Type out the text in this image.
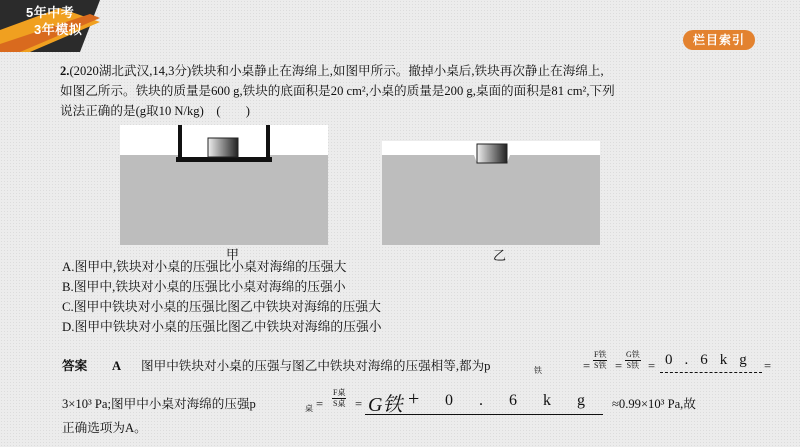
5年中考
3年模拟
栏目索引
2.(2020湖北武汉,14,3分)铁块和小桌静止在海绵上,如图甲所示。撤掉小桌后,铁块再次静止在海绵上,
如图乙所示。铁块的质量是600 g,铁块的底面积是20 cm²,小桌的质量是200 g,桌面的面积是81 cm²,下列
说法正确的是(g取10 N/kg)　(　　)
甲	乙
A.图甲中,铁块对小桌的压强比小桌对海绵的压强大
B.图甲中,铁块对小桌的压强比小桌对海绵的压强小
C.图甲中铁块对小桌的压强比图乙中铁块对海绵的压强大
D.图甲中铁块对小桌的压强比图乙中铁块对海绵的压强小
答案 A 图甲中铁块对小桌的压强与图乙中铁块对海绵的压强相等,都为p	铁	=
F铁
S铁 =
G铁
S铁 = 0.6kg =
3×10³ Pa;图甲中小桌对海绵的压强p	桌 =
F桌
S桌 = G铁 + 0.6kg ≈0.99×10³ Pa,故
正确选项为A。
